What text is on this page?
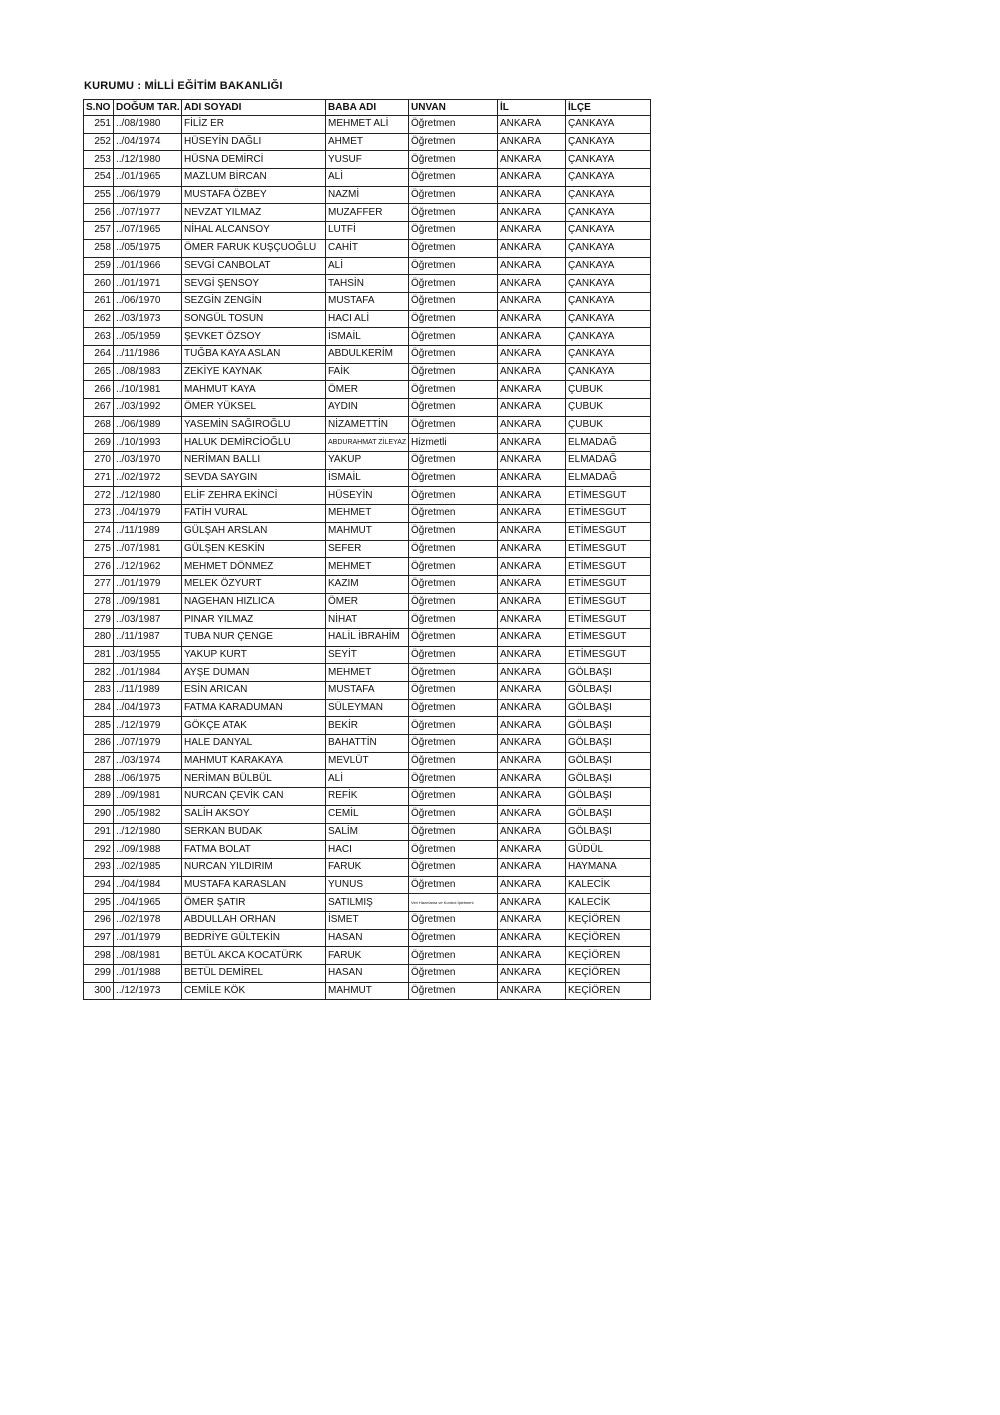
KURUMU : MİLLİ EĞİTİM BAKANLIĞI
S.NO	DOĞUM TAR.	ADI SOYADI	BABA ADI	UNVAN	İL	İLÇE
251	../08/1980	FİLİZ ER	MEHMET ALİ	Öğretmen	ANKARA	ÇANKAYA
252	../04/1974	HÜSEYİN DAĞLI	AHMET	Öğretmen	ANKARA	ÇANKAYA
253	../12/1980	HÜSNA DEMİRCİ	YUSUF	Öğretmen	ANKARA	ÇANKAYA
254	../01/1965	MAZLUM BİRCAN	ALİ	Öğretmen	ANKARA	ÇANKAYA
255	../06/1979	MUSTAFA ÖZBEY	NAZMİ	Öğretmen	ANKARA	ÇANKAYA
256	../07/1977	NEVZAT YILMAZ	MUZAFFER	Öğretmen	ANKARA	ÇANKAYA
257	../07/1965	NİHAL ALCANSOY	LUTFİ	Öğretmen	ANKARA	ÇANKAYA
258	../05/1975	ÖMER FARUK KUŞÇUOĞLU	CAHİT	Öğretmen	ANKARA	ÇANKAYA
259	../01/1966	SEVGİ CANBOLAT	ALİ	Öğretmen	ANKARA	ÇANKAYA
260	../01/1971	SEVGİ ŞENSOY	TAHSİN	Öğretmen	ANKARA	ÇANKAYA
261	../06/1970	SEZGİN ZENGİN	MUSTAFA	Öğretmen	ANKARA	ÇANKAYA
262	../03/1973	SONGÜL TOSUN	HACI ALİ	Öğretmen	ANKARA	ÇANKAYA
263	../05/1959	ŞEVKET ÖZSOY	İSMAİL	Öğretmen	ANKARA	ÇANKAYA
264	../11/1986	TUĞBA KAYA ASLAN	ABDULKERİM	Öğretmen	ANKARA	ÇANKAYA
265	../08/1983	ZEKİYE KAYNAK	FAİK	Öğretmen	ANKARA	ÇANKAYA
266	../10/1981	MAHMUT KAYA	ÖMER	Öğretmen	ANKARA	ÇUBUK
267	../03/1992	ÖMER YÜKSEL	AYDIN	Öğretmen	ANKARA	ÇUBUK
268	../06/1989	YASEMİN SAĞIROĞLU	NİZAMETTİN	Öğretmen	ANKARA	ÇUBUK
269	../10/1993	HALUK DEMİRCİOĞLU	ABDURAHMAT ZİLEYAZ	Hizmetli	ANKARA	ELMADAĞ
270	../03/1970	NERİMAN BALLI	YAKUP	Öğretmen	ANKARA	ELMADAĞ
271	../02/1972	SEVDA SAYGIN	İSMAİL	Öğretmen	ANKARA	ELMADAĞ
272	../12/1980	ELİF ZEHRA EKİNCİ	HÜSEYİN	Öğretmen	ANKARA	ETİMESGUT
273	../04/1979	FATİH VURAL	MEHMET	Öğretmen	ANKARA	ETİMESGUT
274	../11/1989	GÜLŞAH ARSLAN	MAHMUT	Öğretmen	ANKARA	ETİMESGUT
275	../07/1981	GÜLŞEN KESKİN	SEFER	Öğretmen	ANKARA	ETİMESGUT
276	../12/1962	MEHMET DÖNMEZ	MEHMET	Öğretmen	ANKARA	ETİMESGUT
277	../01/1979	MELEK ÖZYURT	KAZIM	Öğretmen	ANKARA	ETİMESGUT
278	../09/1981	NAGEHAN HIZLICA	ÖMER	Öğretmen	ANKARA	ETİMESGUT
279	../03/1987	PINAR YILMAZ	NİHAT	Öğretmen	ANKARA	ETİMESGUT
280	../11/1987	TUBA NUR ÇENGE	HALİL İBRAHİM	Öğretmen	ANKARA	ETİMESGUT
281	../03/1955	YAKUP KURT	SEYİT	Öğretmen	ANKARA	ETİMESGUT
282	../01/1984	AYŞE DUMAN	MEHMET	Öğretmen	ANKARA	GÖLBAŞI
283	../11/1989	ESİN ARICAN	MUSTAFA	Öğretmen	ANKARA	GÖLBAŞI
284	../04/1973	FATMA KARADUMAN	SÜLEYMAN	Öğretmen	ANKARA	GÖLBAŞI
285	../12/1979	GÖKÇE ATAK	BEKİR	Öğretmen	ANKARA	GÖLBAŞI
286	../07/1979	HALE DANYAL	BAHATTİN	Öğretmen	ANKARA	GÖLBAŞI
287	../03/1974	MAHMUT KARAKAYA	MEVLÜT	Öğretmen	ANKARA	GÖLBAŞI
288	../06/1975	NERİMAN BÜLBÜL	ALİ	Öğretmen	ANKARA	GÖLBAŞI
289	../09/1981	NURCAN ÇEVİK CAN	REFİK	Öğretmen	ANKARA	GÖLBAŞI
290	../05/1982	SALİH AKSOY	CEMİL	Öğretmen	ANKARA	GÖLBAŞI
291	../12/1980	SERKAN BUDAK	SALİM	Öğretmen	ANKARA	GÖLBAŞI
292	../09/1988	FATMA BOLAT	HACI	Öğretmen	ANKARA	GÜDÜL
293	../02/1985	NURCAN YILDIRIM	FARUK	Öğretmen	ANKARA	HAYMANA
294	../04/1984	MUSTAFA KARASLAN	YUNUS	Öğretmen	ANKARA	KALECİK
295	../04/1965	ÖMER ŞATIR	SATILMIŞ	Veri Hazırlama ve Kontrol İşletmeni	ANKARA	KALECİK
296	../02/1978	ABDULLAH ORHAN	İSMET	Öğretmen	ANKARA	KEÇİÖREN
297	../01/1979	BEDRİYE GÜLTEKİN	HASAN	Öğretmen	ANKARA	KEÇİÖREN
298	../08/1981	BETÜL AKCA KOCATÜRK	FARUK	Öğretmen	ANKARA	KEÇİÖREN
299	../01/1988	BETÜL DEMİREL	HASAN	Öğretmen	ANKARA	KEÇİÖREN
300	../12/1973	CEMİLE KÖK	MAHMUT	Öğretmen	ANKARA	KEÇİÖREN
